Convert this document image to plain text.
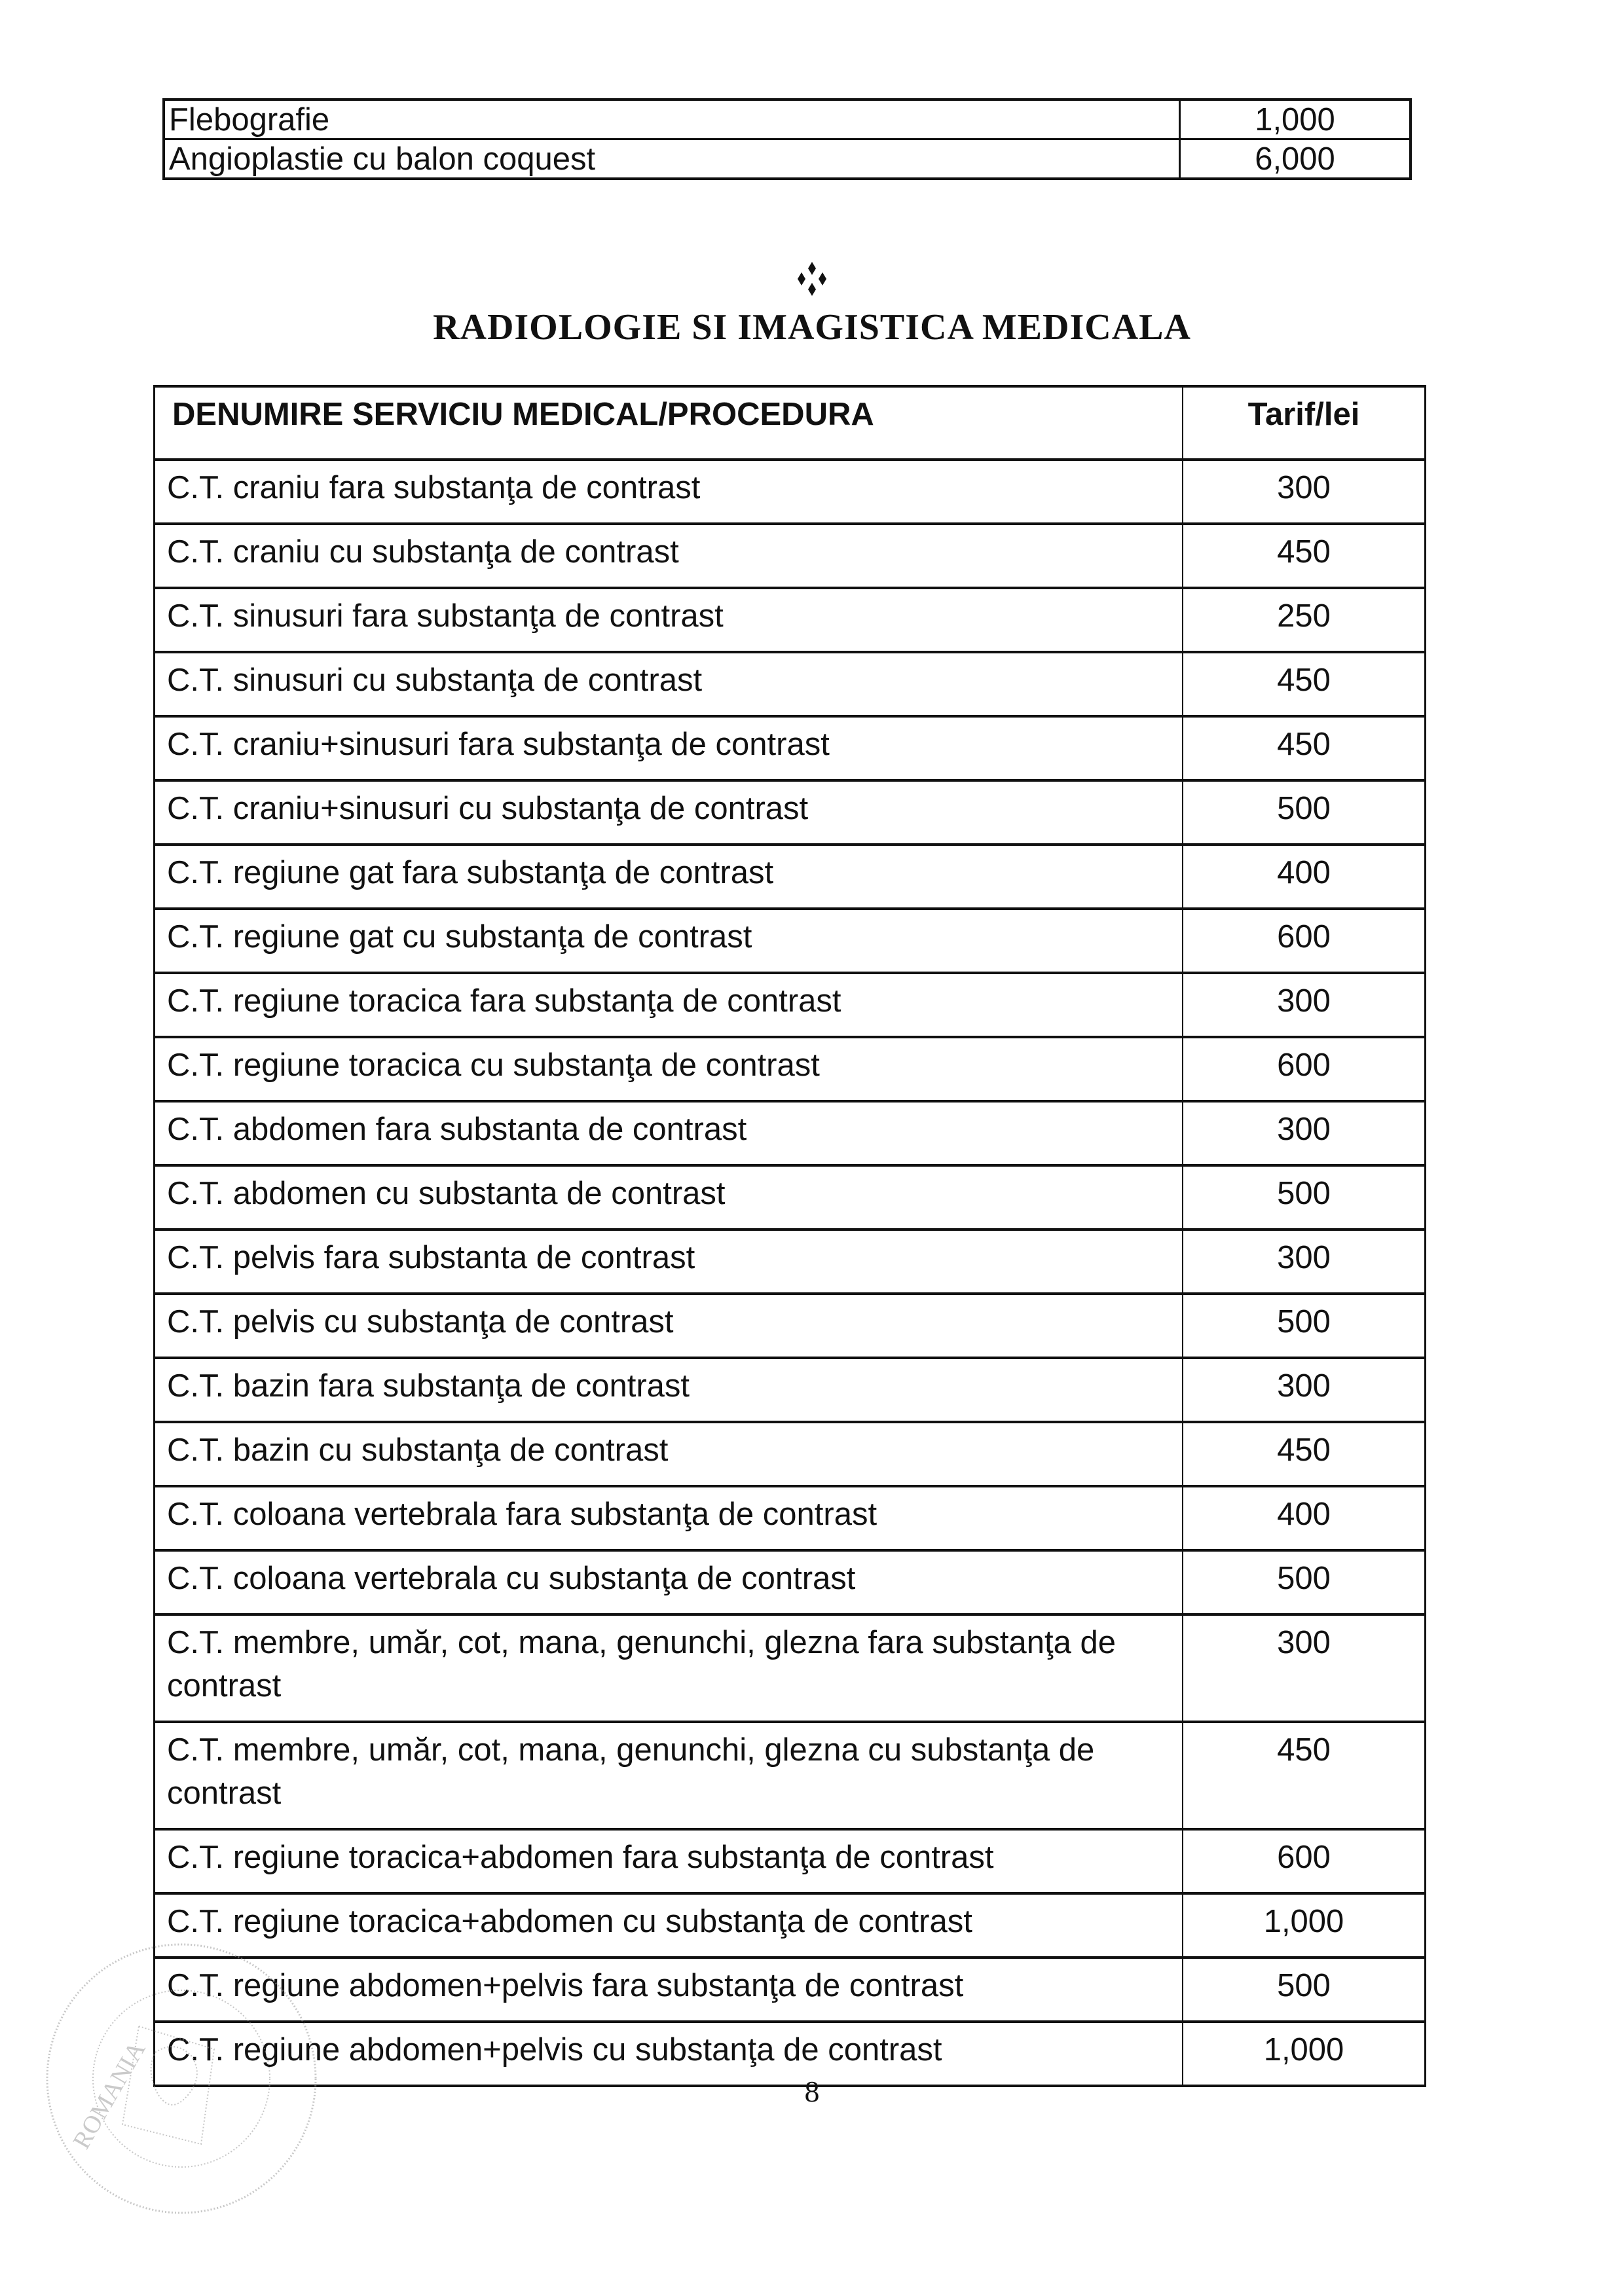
Flebografie	1,000
Angioplastie cu balon coquest	6,000
RADIOLOGIE SI IMAGISTICA MEDICALA
DENUMIRE SERVICIU MEDICAL/PROCEDURA	Tarif/lei
C.T. craniu fara substanţa de contrast	300
C.T. craniu cu substanţa de contrast	450
C.T. sinusuri fara substanţa de contrast	250
C.T. sinusuri cu substanţa de contrast	450
C.T. craniu+sinusuri fara substanţa de contrast	450
C.T. craniu+sinusuri cu substanţa de contrast	500
C.T. regiune gat fara substanţa de contrast	400
C.T. regiune gat cu substanţa de contrast	600
C.T. regiune toracica fara substanţa de contrast	300
C.T. regiune toracica cu substanţa de contrast	600
C.T. abdomen fara substanta de contrast	300
C.T. abdomen cu substanta de contrast	500
C.T. pelvis fara substanta de contrast	300
C.T. pelvis cu substanţa de contrast	500
C.T. bazin fara substanţa de contrast	300
C.T. bazin cu substanţa de contrast	450
C.T. coloana vertebrala fara substanţa de contrast	400
C.T. coloana vertebrala cu substanţa de contrast	500
C.T. membre, umăr, cot, mana, genunchi, glezna fara substanţa de contrast	300
C.T. membre, umăr, cot, mana, genunchi, glezna cu substanţa de contrast	450
C.T. regiune toracica+abdomen fara substanţa de contrast	600
C.T. regiune toracica+abdomen cu substanţa de contrast	1,000
C.T. regiune abdomen+pelvis fara substanţa de contrast	500
C.T. regiune abdomen+pelvis cu substanţa de contrast	1,000
ROMANIA	8
